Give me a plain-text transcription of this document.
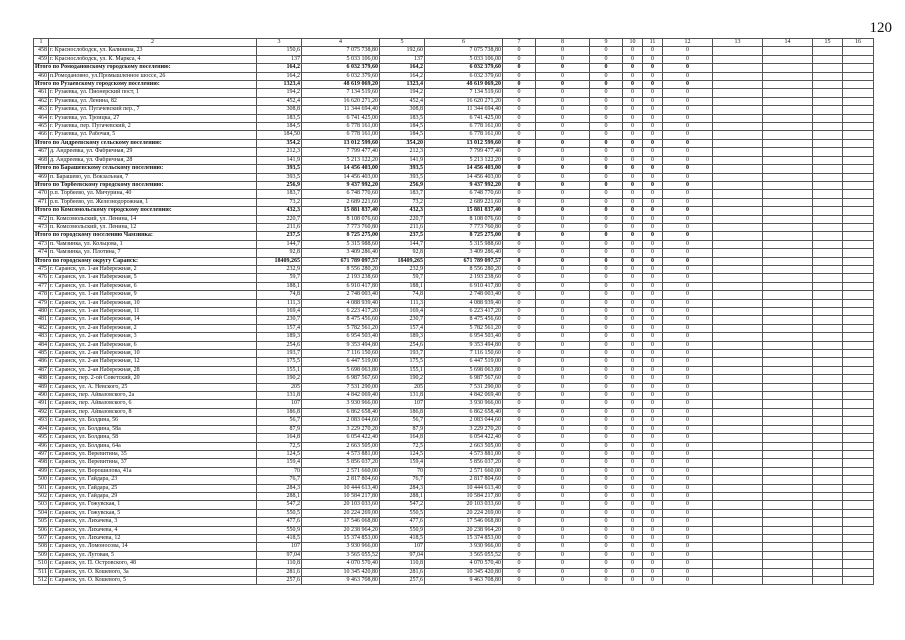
120
1	2	3	4	5	6	7	8	9	10	11	12	13	14	15	16
458	г. Краснослободск, ул. Калинина, 23	150,6	7 075 738,80	192,60	7 075 738,80	0	0	0	0	0	0				
459	г. Краснослободск, ул. К. Маркса, 4	137	5 033 106,00	137	5 033 106,00	0	0	0	0	0	0				
Итого по Ромодановскому городскому поселению:		164,2	6 032 379,60	164,2	6 032 379,60	0	0	0	0	0	0				
460	п.Ромодановно, ул.Промышленное шоссе, 26	164,2	6 032 379,60	164,2	6 032 379,60	0	0	0	0	0	0				
Итого по Рузаевскому городскому поселению:		1323,4	48 619 069,20	1323,4	48 619 069,20	0	0	0	0	0	0				
461	г. Рузаевка, ул. Пионерский пост, 1	194,2	7 134 519,60	194,2	7 134 519,60	0	0	0	0	0	0				
462	г. Рузаевка, ул. Ленина, 82	452,4	16 620 271,20	452,4	16 620 271,20	0	0	0	0	0	0				
463	г. Рузаевка, ул. Пугачевский пер., 7	308,8	11 344 694,40	308,8	11 344 694,40	0	0	0	0	0	0				
464	г. Рузаевка, ул. Троицка, 27	183,5	6 741 425,00	183,5	6 741 425,00	0	0	0	0	0	0				
465	г. Рузаевка, пер. Пугачевский, 2	184,5	6 778 161,00	184,5	6 778 161,00	0	0	0	0	0	0				
466	г. Рузаевка, ул. Рабочая, 5	184,50	6 778 161,00	184,5	6 778 161,00	0	0	0	0	0	0				
Итого по Андреевскому сельскому поселению:		354,2	13 012 599,60	354,20	13 012 599,60	0	0	0	0	0	0				
467	д. Андреевка, ул. Фабричная, 29	212,3	7 799 477,40	212,3	7 799 477,40	0	0	0	0	0	0				
468	д. Андреевка, ул. Фабричная, 28	141,9	5 213 122,20	141,9	5 213 122,20	0	0	0	0	0	0				
Итого по Барашевскому сельскому поселению:		393,5	14 456 403,00	393,5	14 456 403,00	0	0	0	0	0	0				
469	п. Барашево, ул. Вокзальная, 7	393,5	14 456 403,00	393,5	14 456 403,00	0	0	0	0	0	0				
Итого по Торбеевскому городскому поселению:		256,9	9 437 992,20	256,9	9 437 992,20	0	0	0	0	0	0				
470	р.п. Торбеево, ул. Мичурина, 40	183,7	6 748 770,60	183,7	6 748 770,60	0	0	0	0	0	0				
471	р.п. Торбеево, ул. Железнодорожная, 1	73,2	2 689 221,60	73,2	2 689 221,60	0	0	0	0	0	0				
Итого по Комсомольскому городскому поселению:		432,3	15 881 837,40	432,3	15 881 837,40	0	0	0	0	0	0				
472	п. Комсомольский, ул. Ленина, 14	220,7	8 108 076,60	220,7	8 108 076,60	0	0	0	0	0	0				
473	п. Комсомольский, ул. Ленина, 12	211,6	7 773 760,80	211,6	7 773 760,80	0	0	0	0	0	0				
Итого по городскому поселению Чамзинка:		237,5	8 725 275,00	237,5	8 725 275,00	0	0	0	0	0	0				
473	п. Чамзинка, ул. Кольцова, 1	144,7	5 315 988,60	144,7	5 315 988,60	0	0	0	0	0	0				
474	п. Чамзинка, ул. Плотина, 7	92,8	3 409 286,40	92,8	3 409 286,40	0	0	0	0	0	0				
Итого по городскому округу Саранск:		18409,265	671 789 097,57	18409,265	671 789 097,57	0	0	0	0	0	0				
475	г. Саранск, ул. 1-ая Набережная, 2	232,9	8 556 280,20	232,9	8 556 280,20	0	0	0	0	0	0				
476	г. Саранск, ул. 1-ая Набережная, 5	59,7	2 193 238,60	59,7	2 193 238,60	0	0	0	0	0	0				
477	г. Саранск, ул. 1-ая Набережная, 6	188,1	6 910 417,80	188,1	6 910 417,80	0	0	0	0	0	0				
478	г. Саранск, ул. 1-ая Набережная, 9	74,8	2 748 003,40	74,8	2 748 003,40	0	0	0	0	0	0				
479	г. Саранск, ул. 1-ая Набережная, 10	111,3	4 088 939,40	111,3	4 088 939,40	0	0	0	0	0	0				
480	г. Саранск, ул. 1-ая Набережная, 11	169,4	6 223 417,20	169,4	6 223 417,20	0	0	0	0	0	0				
481	г. Саранск, ул. 1-ая Набережная, 14	230,7	8 475 456,60	230,7	8 475 456,60	0	0	0	0	0	0				
482	г. Саранск, ул. 2-ая Набережная, 2	157,4	5 782 561,20	157,4	5 782 561,20	0	0	0	0	0	0				
483	г. Саранск, ул. 2-ая Набережная, 3	189,3	6 954 503,40	189,3	6 954 503,40	0	0	0	0	0	0				
484	г. Саранск, ул. 2-ая Набережная, 6	254,6	9 353 494,80	254,6	9 353 494,80	0	0	0	0	0	0				
485	г. Саранск, ул. 2-ая Набережная, 10	193,7	7 116 150,60	193,7	7 116 150,60	0	0	0	0	0	0				
486	г. Саранск, ул. 2-ая Набережная, 12	175,5	6 447 519,00	175,5	6 447 519,00	0	0	0	0	0	0				
487	г. Саранск, ул. 2-ая Набережная, 28	155,1	5 698 063,80	155,1	5 698 063,80	0	0	0	0	0	0				
488	г. Саранск, пер. 2-ой Советский, 20	190,2	6 987 567,60	190,2	6 987 567,60	0	0	0	0	0	0				
489	г. Саранск, ул. А. Невского, 25	205	7 531 290,00	205	7 531 290,00	0	0	0	0	0	0				
490	г. Саранск, пер. Айвазовского, 2а	131,8	4 842 069,40	131,8	4 842 069,40	0	0	0	0	0	0				
491	г. Саранск, пер. Айвазовского, 6	107	3 930 966,00	107	3 930 966,00	0	0	0	0	0	0				
492	г. Саранск, пер. Айвазовского, 8	186,8	6 862 658,40	186,8	6 862 658,40	0	0	0	0	0	0				
493	г. Саранск, ул. Болдина, 56	56,7	2 083 044,60	56,7	2 083 044,60	0	0	0	0	0	0				
494	г. Саранск, ул. Болдина, 58а	87,9	3 229 270,20	87,9	3 229 270,20	0	0	0	0	0	0				
495	г. Саранск, ул. Болдина, 58	164,8	6 054 422,40	164,8	6 054 422,40	0	0	0	0	0	0				
496	г. Саранск, ул. Болдина, 64а	72,5	2 663 505,00	72,5	2 663 505,00	0	0	0	0	0	0				
497	г. Саранск, ул. Веревитина, 35	124,5	4 573 881,00	124,5	4 573 881,00	0	0	0	0	0	0				
498	г. Саранск, ул. Веревитина, 37	159,4	5 856 037,20	159,4	5 856 037,20	0	0	0	0	0	0				
499	г. Саранск, ул. Ворошилова, 41а	70	2 571 660,00	70	2 571 660,00	0	0	0	0	0	0				
500	г. Саранск, ул. Гайдара, 23	76,7	2 817 804,60	76,7	2 817 804,60	0	0	0	0	0	0				
501	г. Саранск, ул. Гайдара, 25	284,3	10 444 613,40	284,3	10 444 613,40	0	0	0	0	0	0				
502	г. Саранск, ул. Гайдара, 29	288,1	10 584 217,80	288,1	10 584 217,80	0	0	0	0	0	0				
503	г. Саранск, ул. Гожувская, 1	547,2	20 103 033,60	547,2	20 103 033,60	0	0	0	0	0	0				
504	г. Саранск, ул. Гожувская, 5	550,5	20 224 269,00	550,5	20 224 269,00	0	0	0	0	0	0				
505	г. Саранск, ул. Лихачева, 3	477,6	17 546 068,80	477,6	17 546 068,80	0	0	0	0	0	0				
506	г. Саранск, ул. Лихачева, 4	550,9	20 238 964,20	550,9	20 238 964,20	0	0	0	0	0	0				
507	г. Саранск, ул. Лихачева, 12	418,5	15 374 853,00	418,5	15 374 853,00	0	0	0	0	0	0				
508	г. Саранск, ул. Ломоносова, 14	107	3 930 966,00	107	3 930 966,00	0	0	0	0	0	0				
509	г. Саранск, ул. Луговая, 5	97,04	3 565 055,52	97,04	3 565 055,52	0	0	0	0	0	0				
510	г. Саранск, ул. П. Островского, 48	110,8	4 070 570,40	110,8	4 070 570,40	0	0	0	0	0	0				
511	г. Саранск, ул. О. Кошевого, 3а	281,6	10 345 420,80	281,6	10 345 420,80	0	0	0	0	0	0				
512	г. Саранск, ул. О. Кошевого, 5	257,6	9 463 708,80	257,6	9 463 708,80	0	0	0	0	0	0				
